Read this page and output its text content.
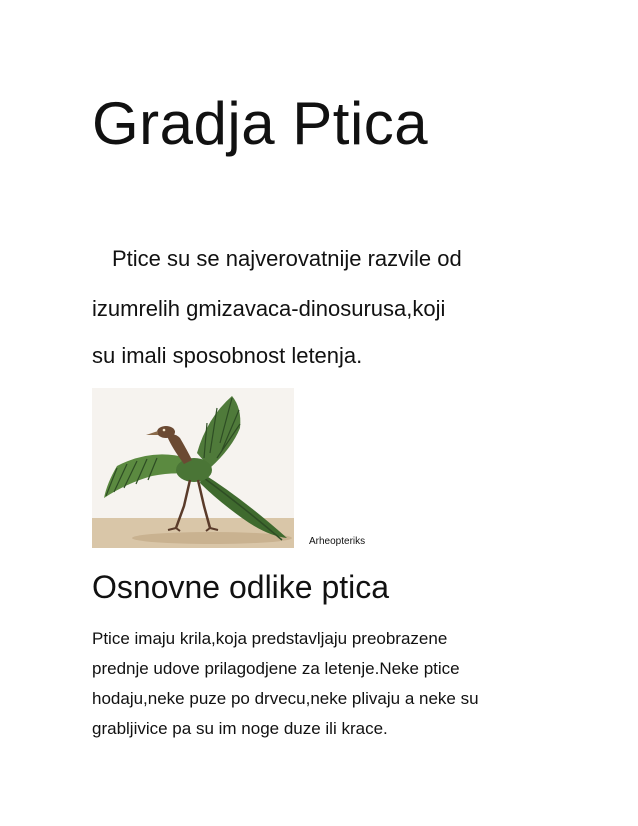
Gradja Ptica

Ptice su se najverovatnije razvile od

izumrelih gmizavaca-dinosurusa,koji

su imali sposobnost letenja.

Arheopteriks
Osnovne odlike ptica

Ptice imaju krila,koja predstavljaju preobrazene

prednje udove prilagodjene za letenje.Neke ptice

hodaju,neke puze po drvecu,neke plivaju a neke su

grabljivice pa su im noge duze ili krace.
